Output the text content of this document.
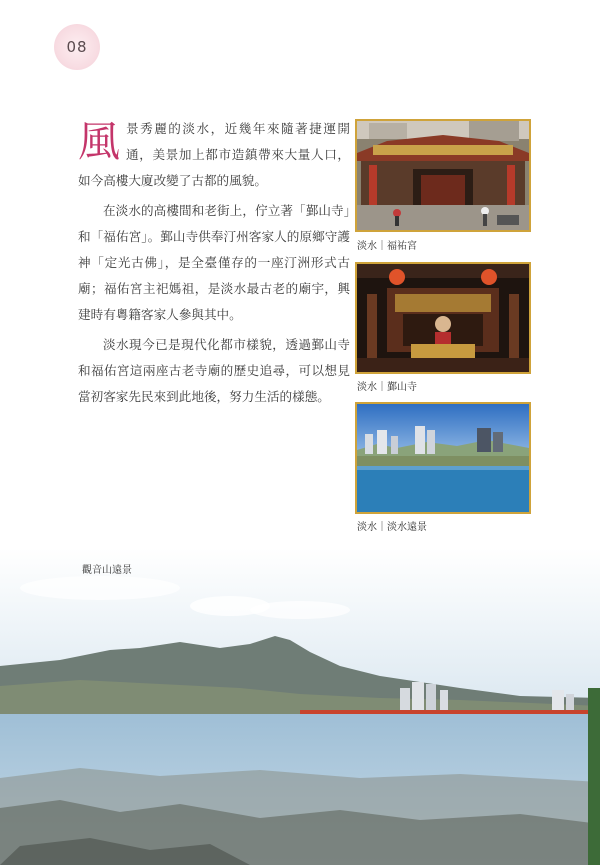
08

風景秀麗的淡水，近幾年來隨著捷運開通，美景加上都市造鎮帶來大量人口，如今高樓大廈改變了古都的風貌。

在淡水的高樓間和老街上，佇立著「鄞山寺」和「福佑宮」。鄞山寺供奉汀州客家人的原鄉守護神「定光古佛」，是全臺僅存的一座汀洲形式古廟；福佑宮主祀媽祖，是淡水最古老的廟宇，興建時有粵籍客家人參與其中。

淡水現今已是現代化都市樣貌，透過鄞山寺和福佑宮這兩座古老寺廟的歷史追尋，可以想見當初客家先民來到此地後，努力生活的樣態。

淡水｜福祐宮
淡水｜鄞山寺
淡水｜淡水遠景
觀音山遠景
